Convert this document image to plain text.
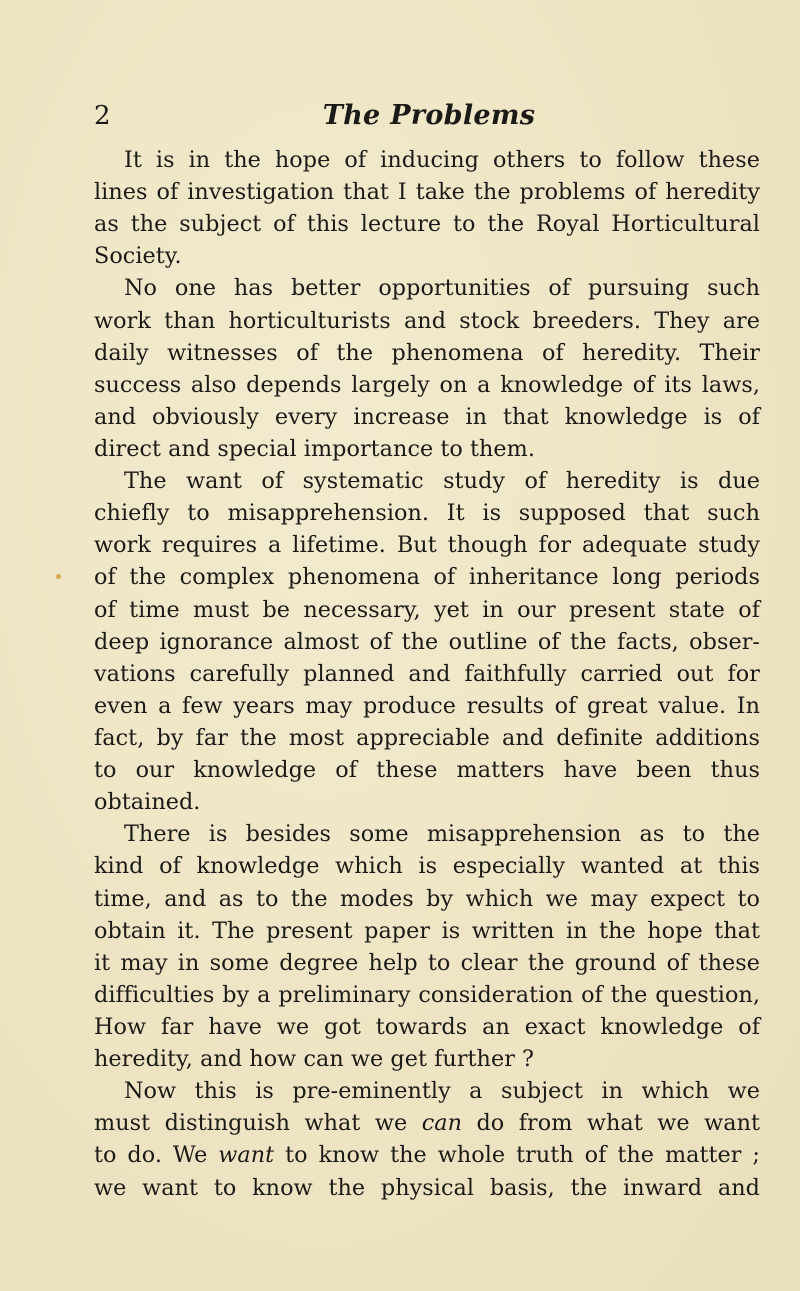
2	The Problems
It is in the hope of inducing others to follow these
lines of investigation that I take the problems of heredity
as the subject of this lecture to the Royal Horticultural
Society.
No one has better opportunities of pursuing such
work than horticulturists and stock breeders. They are
daily witnesses of the phenomena of heredity. Their
success also depends largely on a knowledge of its laws,
and obviously every increase in that knowledge is of
direct and special importance to them.
The want of systematic study of heredity is due
chiefly to misapprehension. It is supposed that such
work requires a lifetime. But though for adequate study
of the complex phenomena of inheritance long periods
of time must be necessary, yet in our present state of
deep ignorance almost of the outline of the facts, obser-
vations carefully planned and faithfully carried out for
even a few years may produce results of great value. In
fact, by far the most appreciable and definite additions
to our knowledge of these matters have been thus
obtained.
There is besides some misapprehension as to the
kind of knowledge which is especially wanted at this
time, and as to the modes by which we may expect to
obtain it. The present paper is written in the hope that
it may in some degree help to clear the ground of these
difficulties by a preliminary consideration of the question,
How far have we got towards an exact knowledge of
heredity, and how can we get further ?
Now this is pre-eminently a subject in which we
must distinguish what we can do from what we want
to do. We want to know the whole truth of the matter ;
we want to know the physical basis, the inward and
